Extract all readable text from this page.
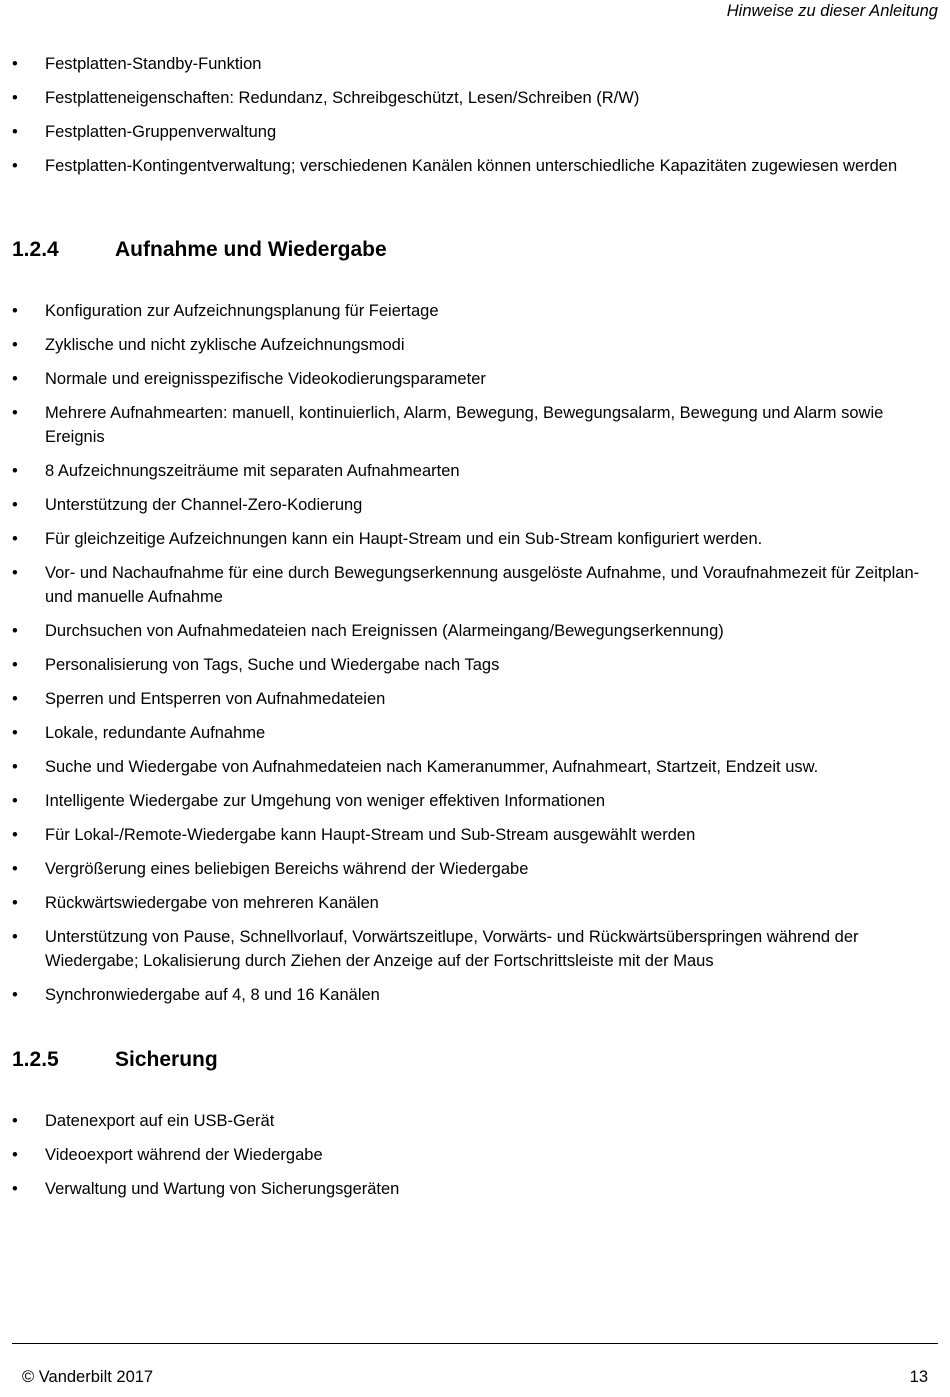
Hinweise zu dieser Anleitung
•	Festplatten-Standby-Funktion
•	Festplatteneigenschaften: Redundanz, Schreibgeschützt, Lesen/Schreiben (R/W)
•	Festplatten-Gruppenverwaltung
•	Festplatten-Kontingentverwaltung; verschiedenen Kanälen können unterschiedliche Kapazitäten zugewiesen werden
1.2.4	Aufnahme und Wiedergabe
•	Konfiguration zur Aufzeichnungsplanung für Feiertage
•	Zyklische und nicht zyklische Aufzeichnungsmodi
•	Normale und ereignisspezifische Videokodierungsparameter
•	Mehrere Aufnahmearten: manuell, kontinuierlich, Alarm, Bewegung, Bewegungsalarm, Bewegung und Alarm sowie Ereignis
•	8 Aufzeichnungszeiträume mit separaten Aufnahmearten
•	Unterstützung der Channel-Zero-Kodierung
•	Für gleichzeitige Aufzeichnungen kann ein Haupt-Stream und ein Sub-Stream konfiguriert werden.
•	Vor- und Nachaufnahme für eine durch Bewegungserkennung ausgelöste Aufnahme, und Voraufnahmezeit für Zeitplan- und manuelle Aufnahme
•	Durchsuchen von Aufnahmedateien nach Ereignissen (Alarmeingang/Bewegungserkennung)
•	Personalisierung von Tags, Suche und Wiedergabe nach Tags
•	Sperren und Entsperren von Aufnahmedateien
•	Lokale, redundante Aufnahme
•	Suche und Wiedergabe von Aufnahmedateien nach Kameranummer, Aufnahmeart, Startzeit, Endzeit usw.
•	Intelligente Wiedergabe zur Umgehung von weniger effektiven Informationen
•	Für Lokal-/Remote-Wiedergabe kann Haupt-Stream und Sub-Stream ausgewählt werden
•	Vergrößerung eines beliebigen Bereichs während der Wiedergabe
•	Rückwärtswiedergabe von mehreren Kanälen
•	Unterstützung von Pause, Schnellvorlauf, Vorwärtszeitlupe, Vorwärts- und Rückwärtsüberspringen während der Wiedergabe; Lokalisierung durch Ziehen der Anzeige auf der Fortschrittsleiste mit der Maus
•	Synchronwiedergabe auf 4, 8 und 16 Kanälen
1.2.5	Sicherung
•	Datenexport auf ein USB-Gerät
•	Videoexport während der Wiedergabe
•	Verwaltung und Wartung von Sicherungsgeräten
© Vanderbilt 2017	13
